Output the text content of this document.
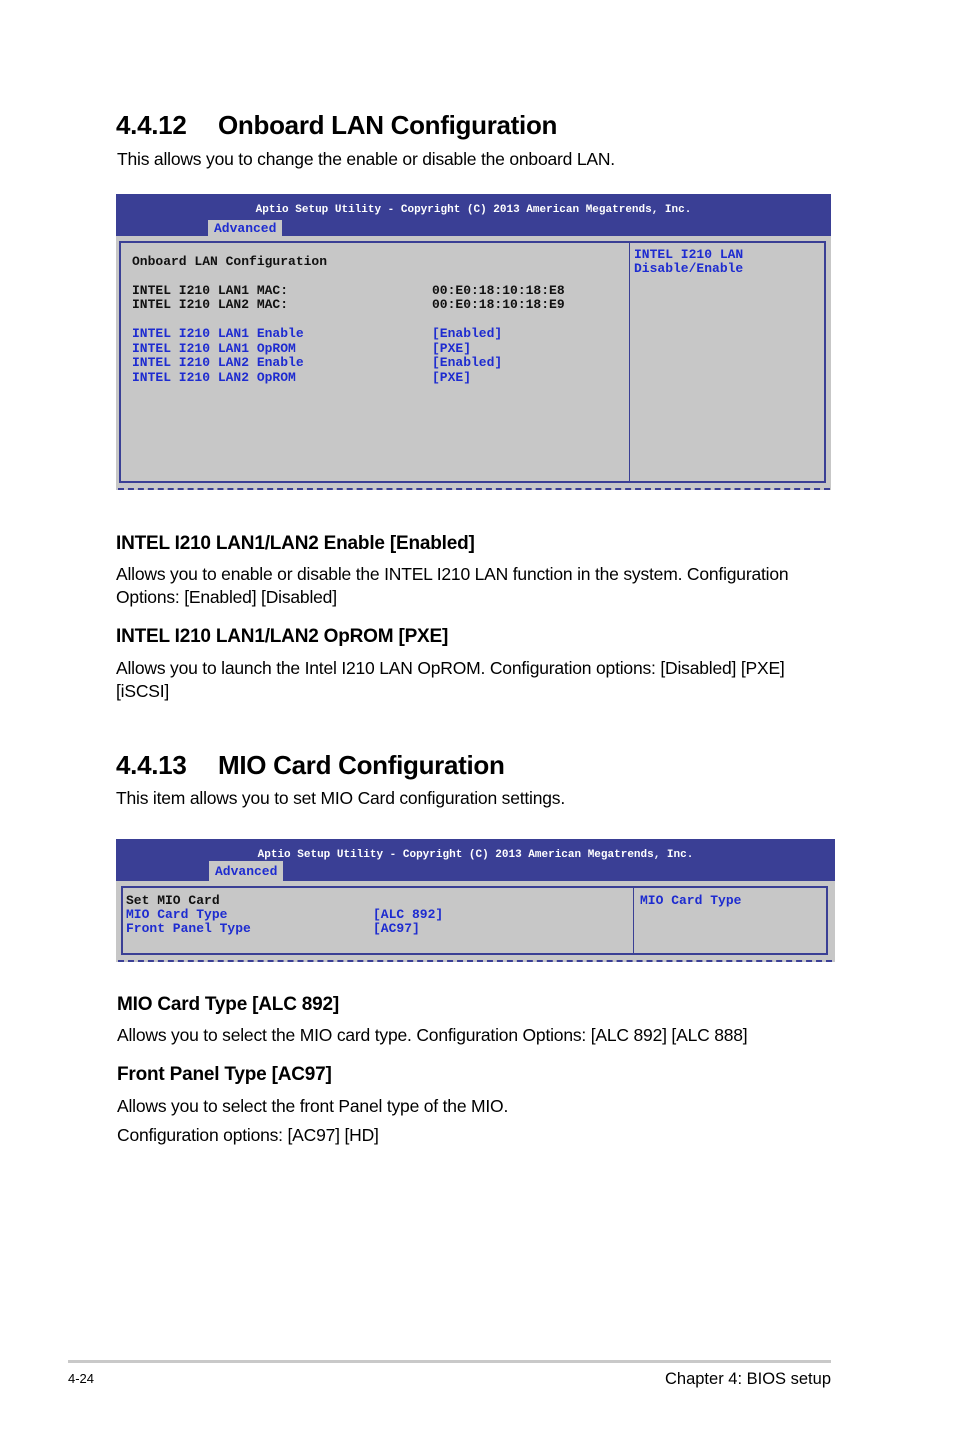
4.4.12 Onboard LAN Configuration
This allows you to change the enable or disable the onboard LAN.
Aptio Setup Utility - Copyright (C) 2013 American Megatrends, Inc.
Advanced
Onboard LAN Configuration
INTEL I210 LAN1 MAC:	00:E0:18:10:18:E8
INTEL I210 LAN2 MAC:	00:E0:18:10:18:E9
INTEL I210 LAN1 Enable	[Enabled]
INTEL I210 LAN1 OpROM	[PXE]
INTEL I210 LAN2 Enable	[Enabled]
INTEL I210 LAN2 OpROM	[PXE]
INTEL I210 LAN
Disable/Enable
INTEL I210 LAN1/LAN2 Enable [Enabled]
Allows you to enable or disable the INTEL I210 LAN function in the system. Configuration
Options: [Enabled] [Disabled]
INTEL I210 LAN1/LAN2 OpROM [PXE]
Allows you to launch the Intel I210 LAN OpROM. Configuration options: [Disabled] [PXE]
[iSCSI]
4.4.13 MIO Card Configuration
This item allows you to set MIO Card configuration settings.
Aptio Setup Utility - Copyright (C) 2013 American Megatrends, Inc.
Advanced
Set MIO Card
MIO Card Type	[ALC 892]
Front Panel Type	[AC97]
MIO Card Type
MIO Card Type [ALC 892]
Allows you to select the MIO card type. Configuration Options: [ALC 892] [ALC 888]
Front Panel Type [AC97]
Allows you to select the front Panel type of the MIO.
Configuration options: [AC97] [HD]
4-24	Chapter 4: BIOS setup
